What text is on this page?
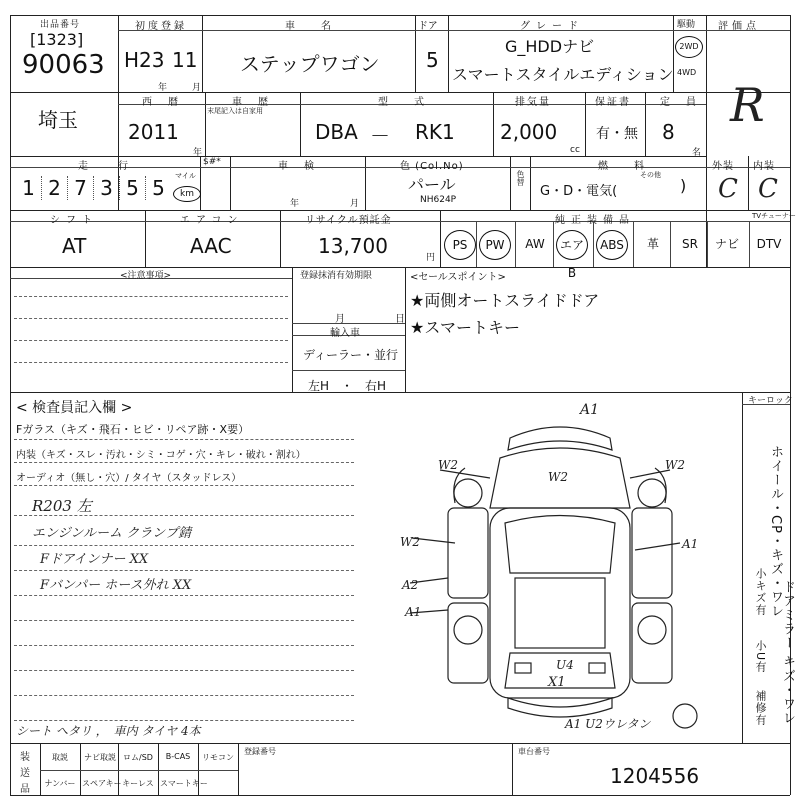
出品番号
[1323]
90063
初度登録
H23 11
年	月
車　名
ステップワゴン
ドア
5
グレード
G_HDDナビ
スマートスタイルエディション
駆動
2WD
4WD
評価点
R
埼玉
西　暦
2011
年
車　歴
末尾記入は自家用
型　式
DBA － RK1
排気量
2,000
cc
保証書
有・無
定　員
8
名
走　行
1 2 7 3 5 5	マイル
km
$#*	車　検
年	月
色 (Col.No)
パール
NH624P
色替
燃　料
G・D・電気(
その他
)
外装
C
内装
C
シフト
AT
エアコン
AAC
リサイクル預託金
13,700	円
純正装備品	TVチューナー
PS	PW	AW	エアB
ABS	革	SR	ナビ	DTV
<注意事項>	登録抹消有効期限
月	日
輸入車
ディーラー・並行
左H　・　右H
<セールスポイント>
★両側オートスライドドア
★スマートキー
< 検査員記入欄 >
Fガラス（キズ・飛石・ヒビ・リペア跡・X要）
内装（キズ・スレ・汚れ・シミ・コゲ・穴・キレ・破れ・割れ）
オーディオ（無し・穴）/ タイヤ（スタッドレス）
R203 左
エンジンルーム クランプ錆
Fドアインナー XX
Fバンパー ホース外れ XX
シート へタリ ，　車内 タイヤ 4本
キーロック
ホイール・CP・キズ・ワレ
ドアミラー キズ・ワレ
小キズ有
小U有
補修有
A1
W2
W2
W2
W2	A1
A2
A1
U4
X1
A1 U2ウレタン
装
送
品
取説	ナビ取説 ロム/SD	B-CAS	リモコン
ナンバー スペアキー キーレス スマートキー
登録番号	車台番号
1204556
